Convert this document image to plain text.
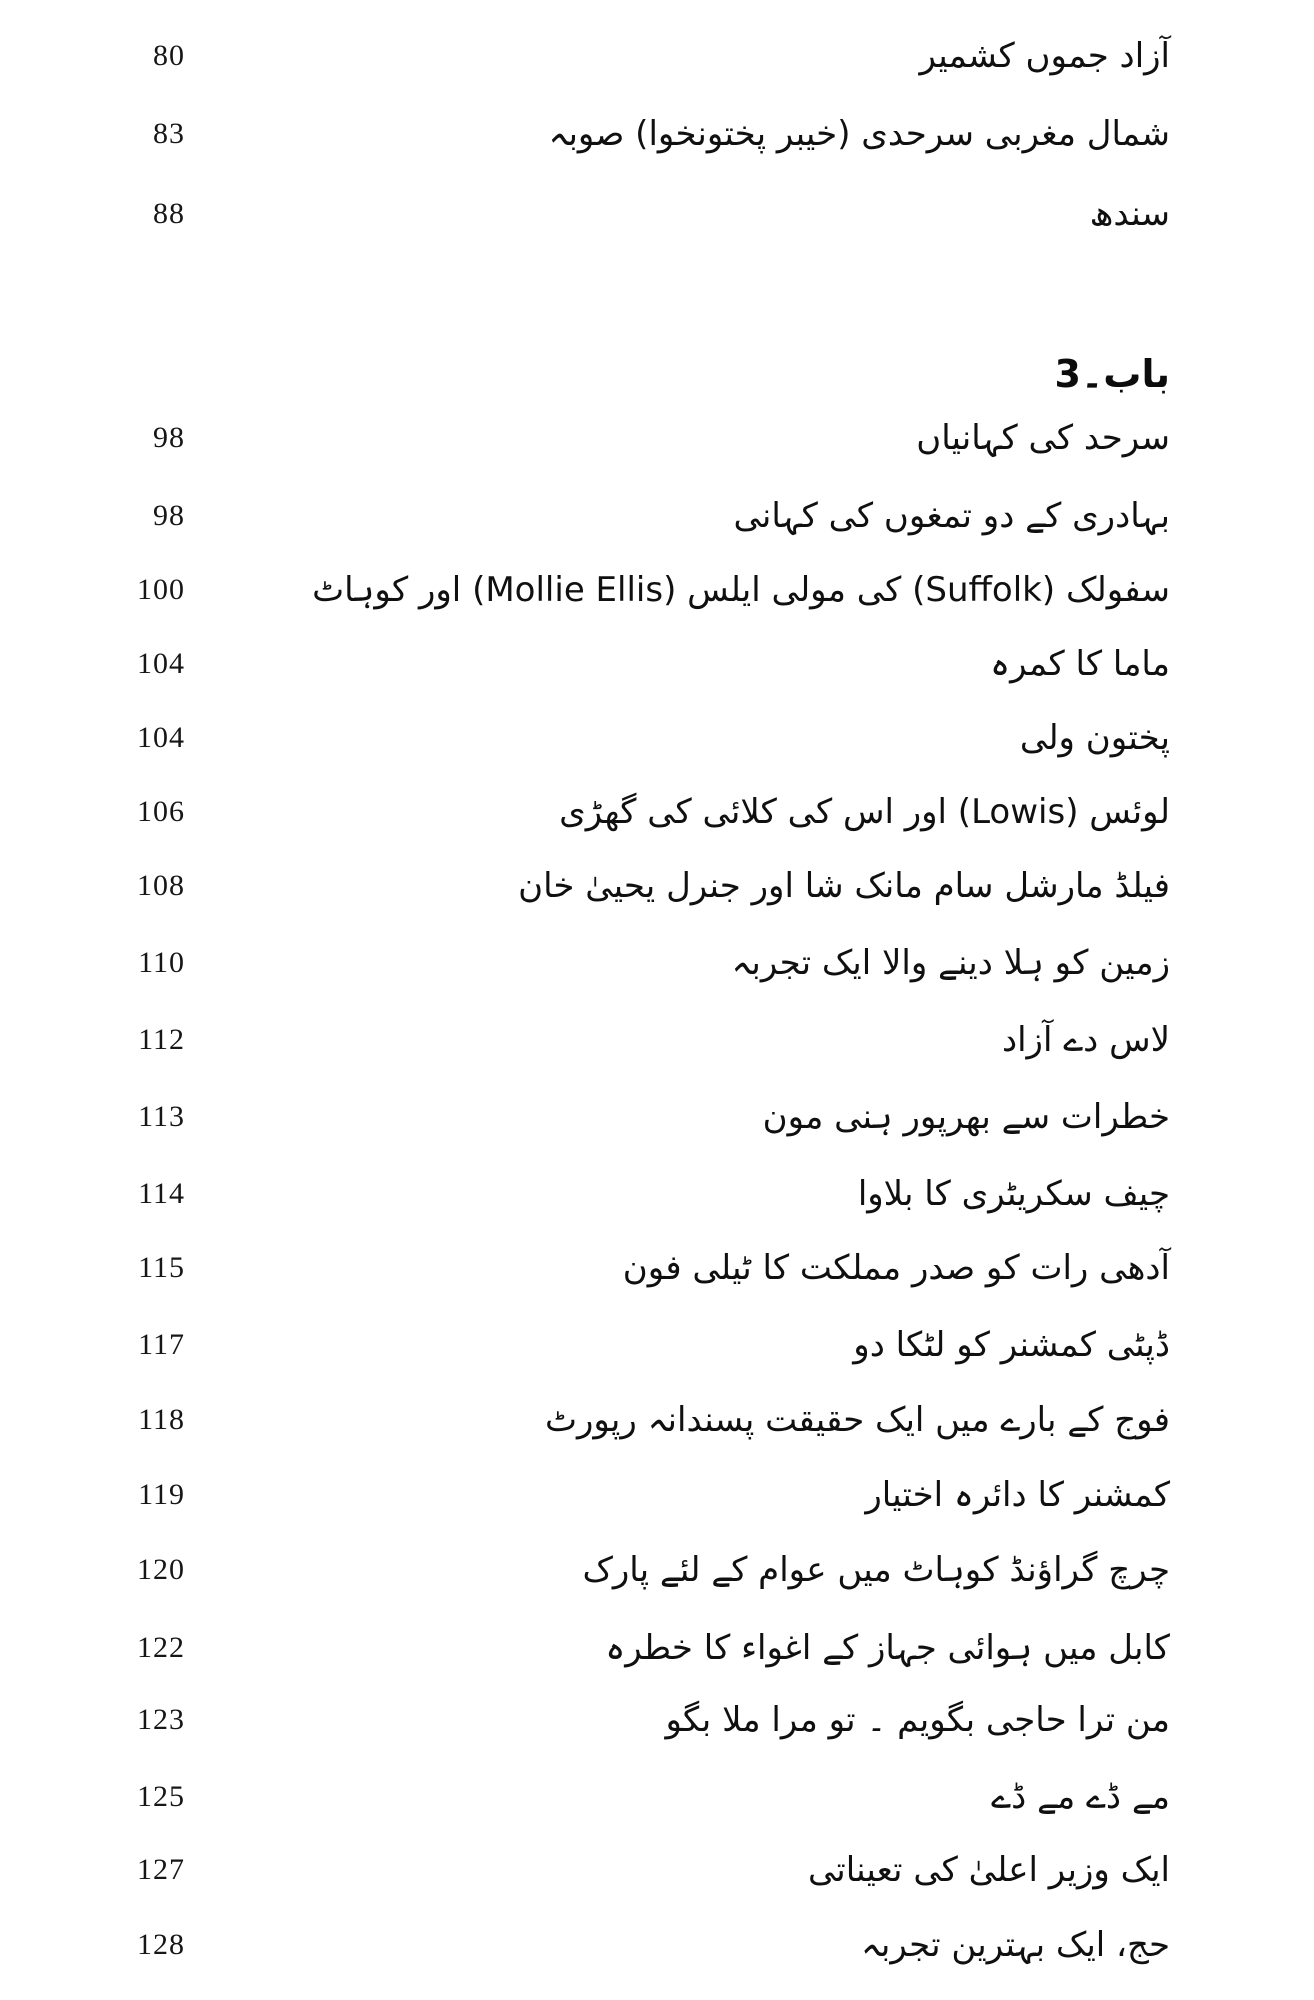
80	آزاد جموں کشمیر
83	شمال مغربی سرحدی (خیبر پختونخوا) صوبہ
88	سندھ
باب۔3
98	سرحد کی کہانیاں
98	بہادری کے دو تمغوں کی کہانی
100	سفولک (Suffolk) کی مولی ایلس (Mollie Ellis) اور کوہاٹ
104	ماما کا کمرہ
104	پختون ولی
106	لوئس (Lowis) اور اس کی کلائی کی گھڑی
108	فیلڈ مارشل سام مانک شا اور جنرل یحییٰ خان
110	زمین کو ہلا دینے والا ایک تجربہ
112	لاس دے آزاد
113	خطرات سے بھرپور ہنی مون
114	چیف سکریٹری کا بلاوا
115	آدھی رات کو صدر مملکت کا ٹیلی فون
117	ڈپٹی کمشنر کو لٹکا دو
118	فوج کے بارے میں ایک حقیقت پسندانہ رپورٹ
119	کمشنر کا دائرہ اختیار
120	چرچ گراؤنڈ کوہاٹ میں عوام کے لئے پارک
122	کابل میں ہوائی جہاز کے اغواء کا خطرہ
123	من ترا حاجی بگویم ۔ تو مرا ملا بگو
125	مے ڈے مے ڈے
127	ایک وزیر اعلیٰ کی تعیناتی
128	حج، ایک بہترین تجربہ
